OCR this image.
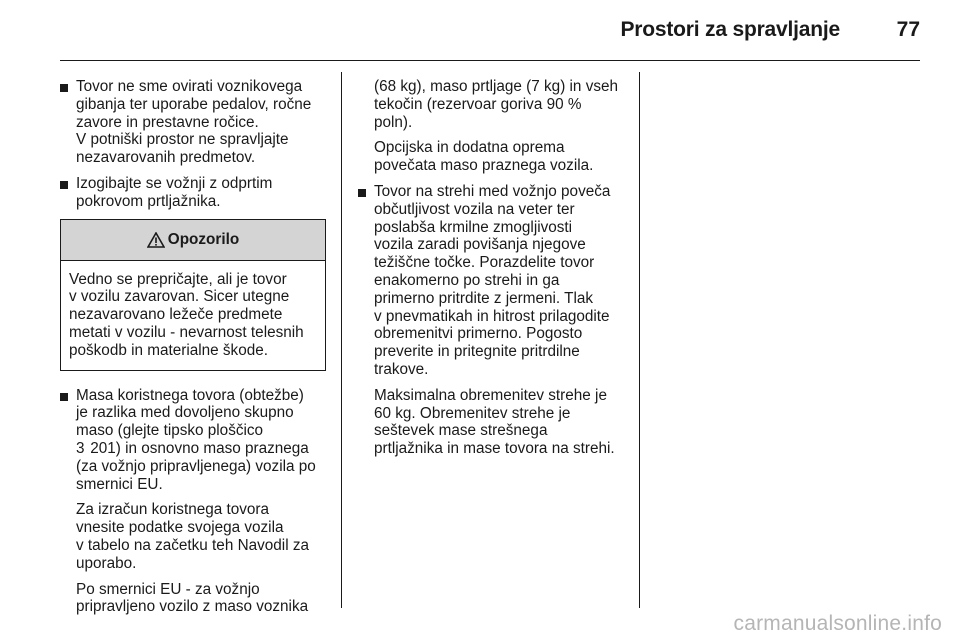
Prostori za spravljanje	77
Tovor ne sme ovirati voznikovega
gibanja ter uporabe pedalov, ročne
zavore in prestavne ročice.
V potniški prostor ne spravljajte
nezavarovanih predmetov.
Izogibajte se vožnji z odprtim
pokrovom prtljažnika.
Opozorilo
Vedno se prepričajte, ali je tovor
v vozilu zavarovan. Sicer utegne
nezavarovano ležeče predmete
metati v vozilu - nevarnost telesnih
poškodb in materialne škode.
Masa koristnega tovora (obtežbe)
je razlika med dovoljeno skupno
maso (glejte tipsko ploščico
3 201) in osnovno maso praznega
(za vožnjo pripravljenega) vozila po
smernici EU.
Za izračun koristnega tovora
vnesite podatke svojega vozila
v tabelo na začetku teh Navodil za
uporabo.
Po smernici EU - za vožnjo
pripravljeno vozilo z maso voznika
(68 kg), maso prtljage (7 kg) in vseh
tekočin (rezervoar goriva 90 %
poln).
Opcijska in dodatna oprema
povečata maso praznega vozila.
Tovor na strehi med vožnjo poveča
občutljivost vozila na veter ter
poslabša krmilne zmogljivosti
vozila zaradi povišanja njegove
težiščne točke. Porazdelite tovor
enakomerno po strehi in ga
primerno pritrdite z jermeni. Tlak
v pnevmatikah in hitrost prilagodite
obremenitvi primerno. Pogosto
preverite in pritegnite pritrdilne
trakove.
Maksimalna obremenitev strehe je
60 kg. Obremenitev strehe je
seštevek mase strešnega
prtljažnika in mase tovora na strehi.
carmanualsonline.info
